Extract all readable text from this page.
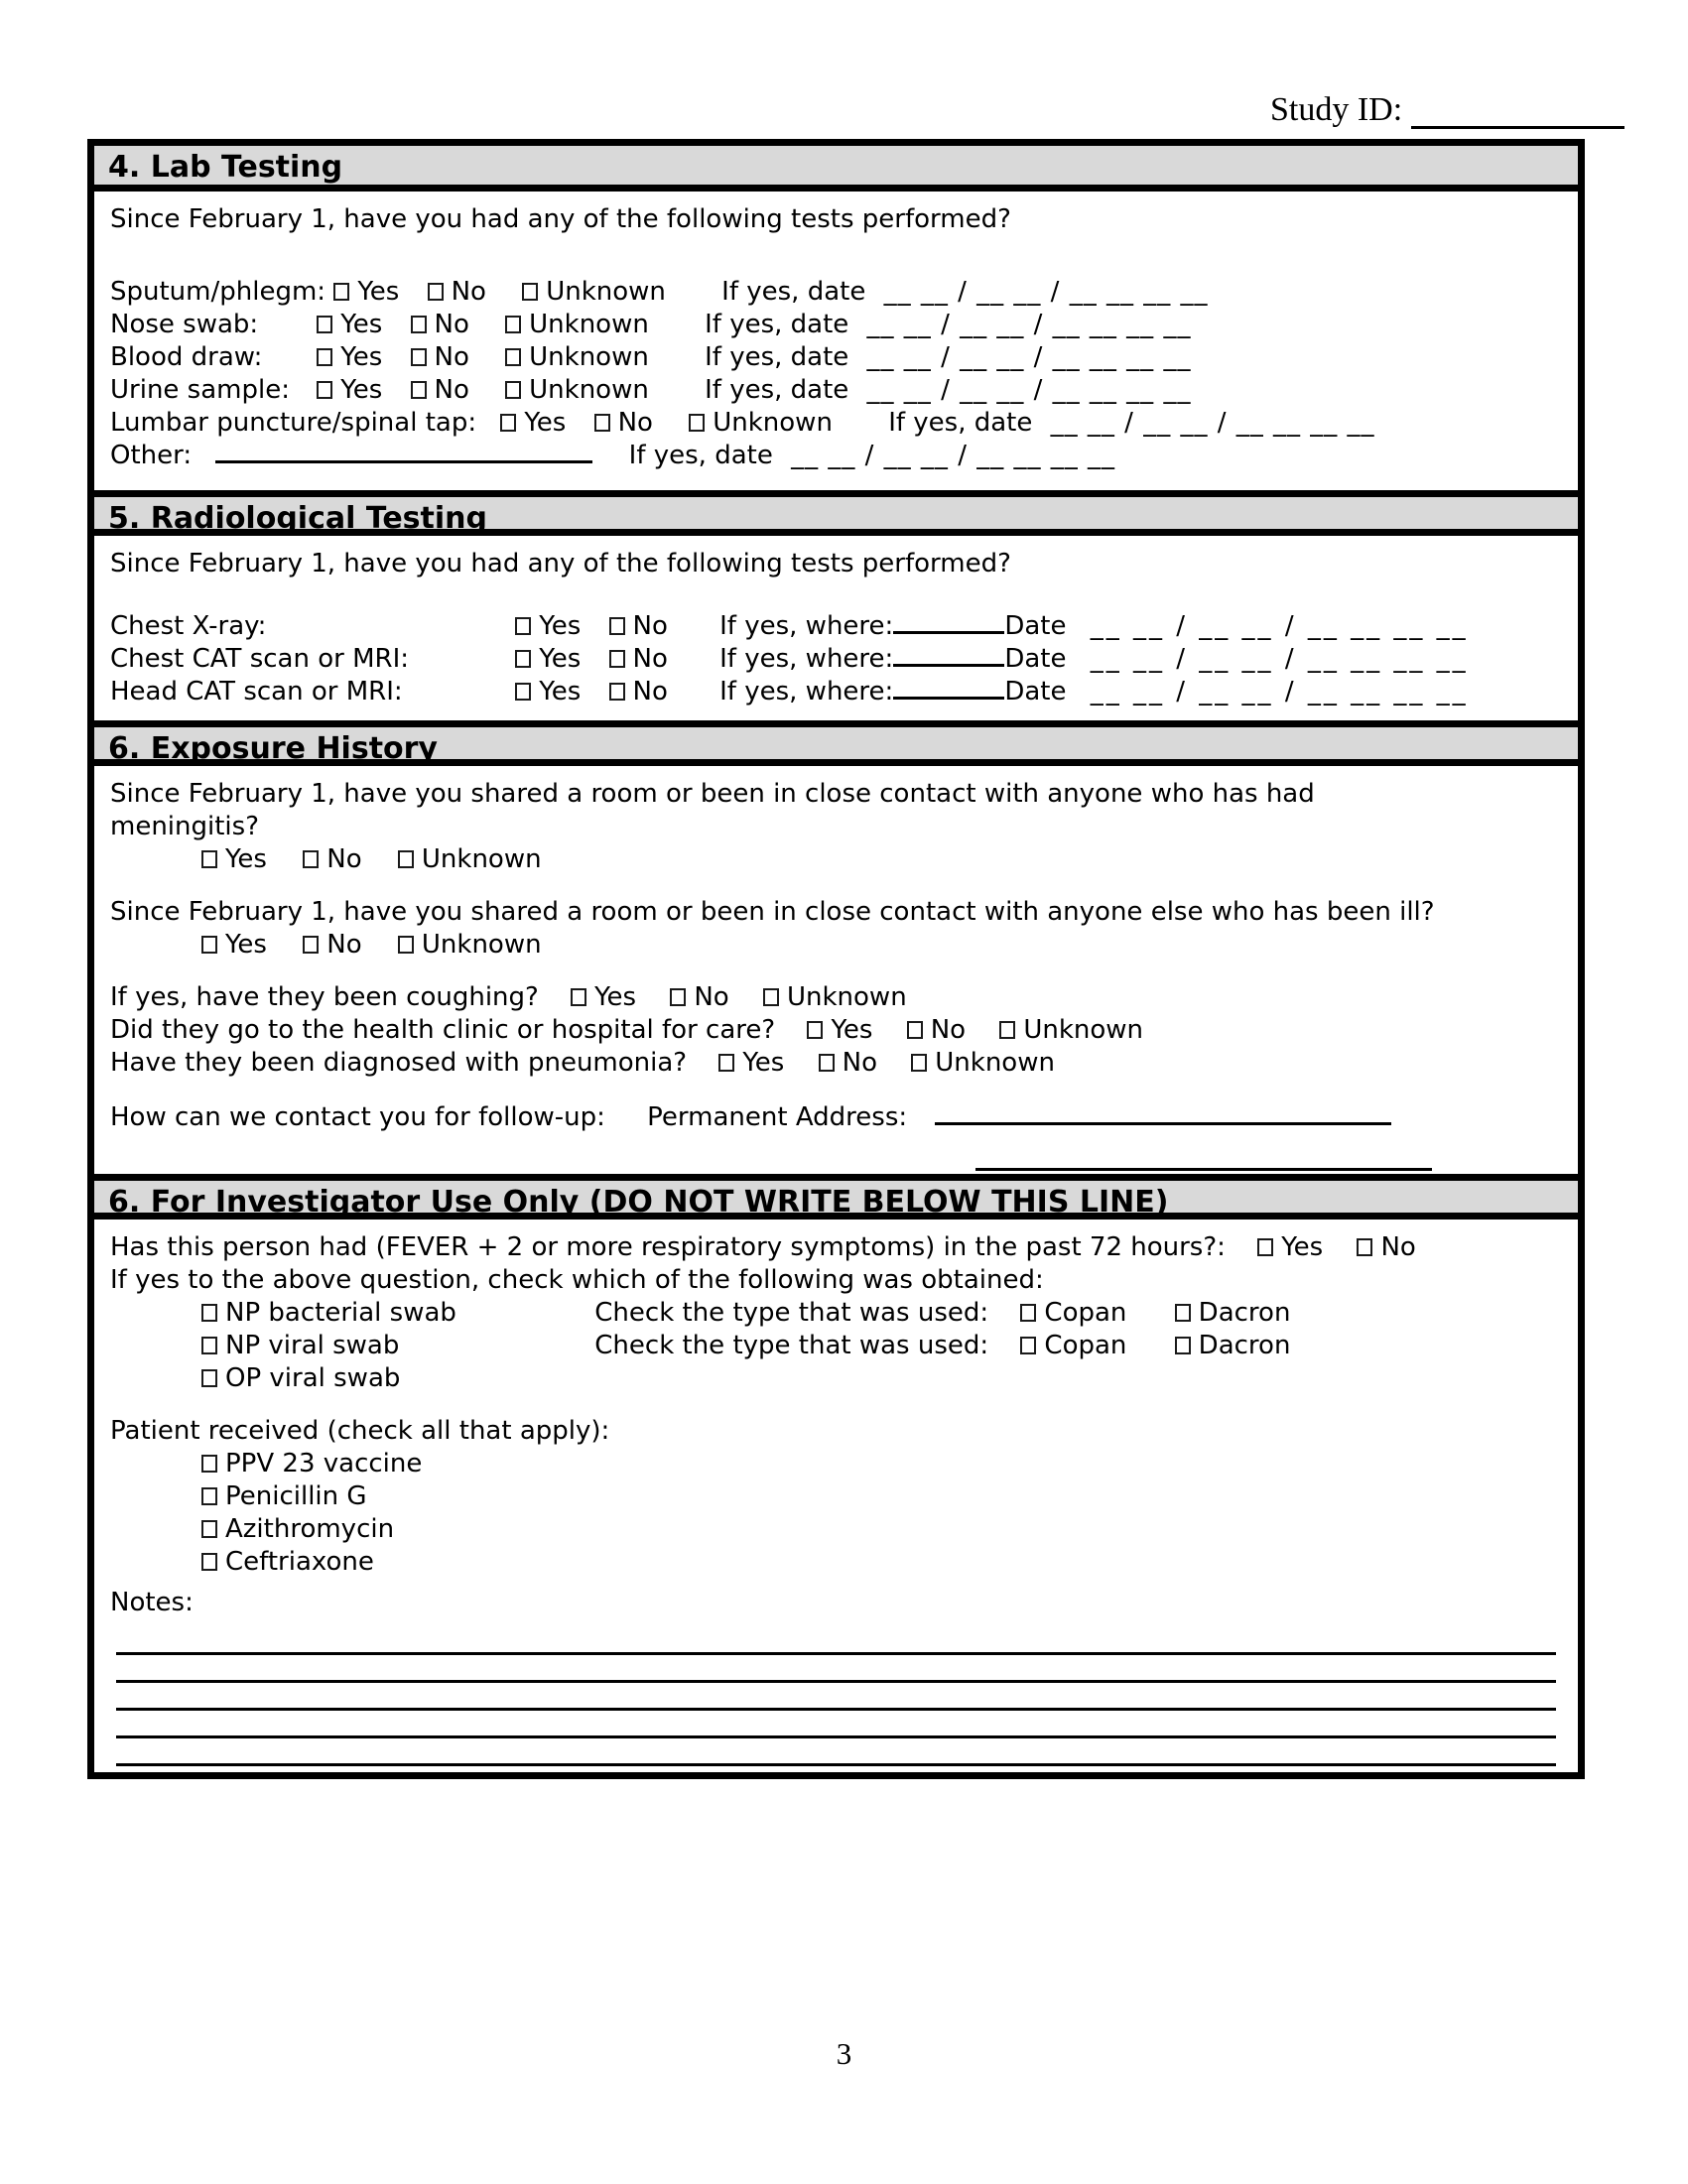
Study ID:
4. Lab Testing
Since February 1, have you had any of the following tests performed?
Sputum/phlegm: Yes No Unknown If yes, date __ __ / __ __ / __ __ __ __
Nose swab:	Yes No Unknown If yes, date __ __ / __ __ / __ __ __ __
Blood draw:	Yes No Unknown If yes, date __ __ / __ __ / __ __ __ __
Urine sample: Yes No Unknown If yes, date __ __ / __ __ / __ __ __ __
Lumbar puncture/spinal tap: Yes No Unknown If yes, date __ __ / __ __ / __ __ __ __
Other:	If yes, date __ __ / __ __ / __ __ __ __
5. Radiological Testing
Since February 1, have you had any of the following tests performed?
Chest X-ray:	Yes No If yes, where:	Date __ __ / __ __ / __ __ __ __
Chest CAT scan or MRI:	Yes No If yes, where:	Date __ __ / __ __ / __ __ __ __
Head CAT scan or MRI:	Yes No If yes, where:	Date __ __ / __ __ / __ __ __ __
6. Exposure History
Since February 1, have you shared a room or been in close contact with anyone who has had meningitis?
Yes No Unknown
Since February 1, have you shared a room or been in close contact with anyone else who has been ill?
Yes No Unknown
If yes, have they been coughing? Yes No Unknown
Did they go to the health clinic or hospital for care? Yes No Unknown
Have they been diagnosed with pneumonia? Yes No Unknown
How can we contact you for follow-up: Permanent Address:
6. For Investigator Use Only (DO NOT WRITE BELOW THIS LINE)
Has this person had (FEVER + 2 or more respiratory symptoms) in the past 72 hours?: Yes No
If yes to the above question, check which of the following was obtained:
NP bacterial swab	Check the type that was used: Copan	Dacron
NP viral swab	Check the type that was used: Copan	Dacron
OP viral swab
Patient received (check all that apply):
PPV 23 vaccine
Penicillin G
Azithromycin
Ceftriaxone
Notes:
3
